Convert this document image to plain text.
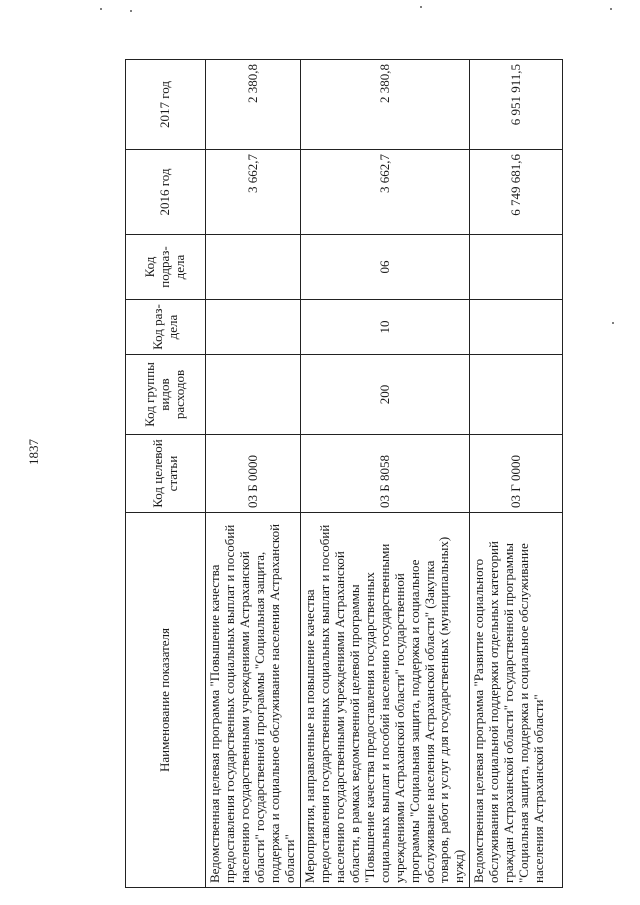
1837
Наименование показателя	Код целевой статьи	Код группы видов расходов	Код раз-дела	Код подраз-дела	2016 год	2017 год
Ведомственная целевая программа "Повышение качества предоставления государственных социальных выплат и пособий населению государственными учреждениями Астраханской области" государственной программы "Социальная защита, поддержка и социальное обслуживание населения Астраханской области"	03 Б 0000				3 662,7	2 380,8
Мероприятия, направленные на повышение качества предоставления государственных социальных выплат и пособий населению государственными учреждениями Астраханской области, в рамках ведомственной целевой программы "Повышение качества предоставления государственных социальных выплат и пособий населению государственными учреждениями Астраханской области" государственной программы "Социальная защита, поддержка и социальное обслуживание населения Астраханской области" (Закупка товаров, работ и услуг для государственных (муниципальных) нужд)	03 Б 8058	200	10	06	3 662,7	2 380,8
Ведомственная целевая программа "Развитие социального обслуживания и социальной поддержки отдельных категорий граждан Астраханской области" государственной программы "Социальная защита, поддержка и социальное обслуживание населения Астраханской области"	03 Г 0000				6 749 681,6	6 951 911,5
